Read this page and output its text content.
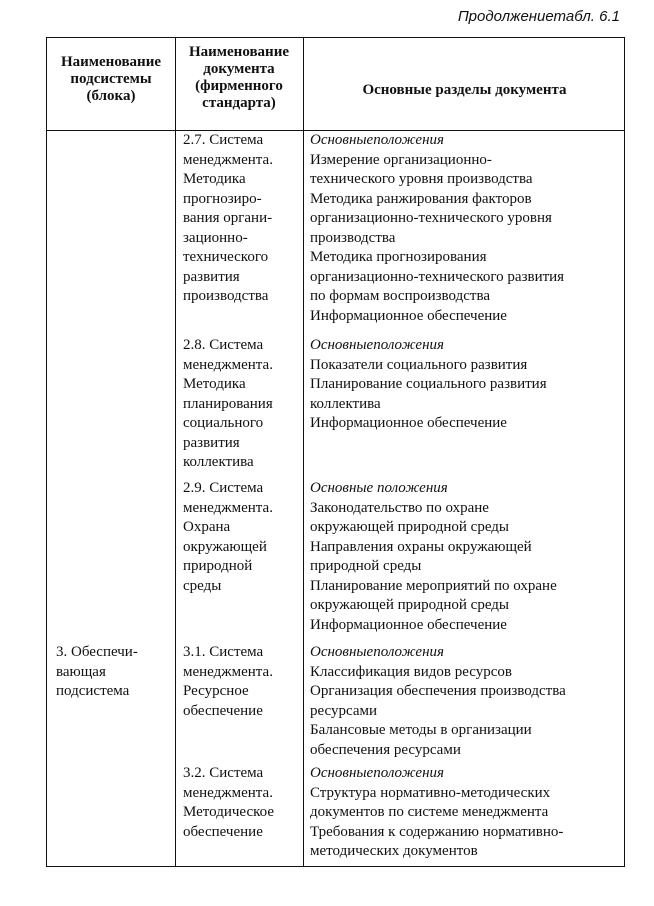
Продолжениетабл. 6.1
Наименование
подсистемы
(блока)
Наименование
документа
(фирменного
стандарта)
Основные разделы документа
3. Обеспечи-
вающая
подсистема
2.7. Система
менеджмента.
Методика
прогнозиро-
вания органи-
зационно-
технического
развития
производства
Основныеположения
Измерение организационно-
технического уровня производства
Методика ранжирования факторов
организационно-технического уровня
производства
Методика прогнозирования
организационно-технического развития
по формам воспроизводства
Информационное обеспечение
2.8. Система
менеджмента.
Методика
планирования
социального
развития
коллектива
Основныеположения
Показатели социального развития
Планирование социального развития
коллектива
Информационное обеспечение
2.9. Система
менеджмента.
Охрана
окружающей
природной
среды
Основные положения
Законодательство по охране
окружающей природной среды
Направления охраны окружающей
природной среды
Планирование мероприятий по охране
окружающей природной среды
Информационное обеспечение
3.1. Система
менеджмента.
Ресурсное
обеспечение
Основныеположения
Классификация видов ресурсов
Организация обеспечения производства
ресурсами
Балансовые методы в организации
обеспечения ресурсами
3.2. Система
менеджмента.
Методическое
обеспечение
Основныеположения
Структура нормативно-методических
документов по системе менеджмента
Требования к содержанию нормативно-
методических документов
